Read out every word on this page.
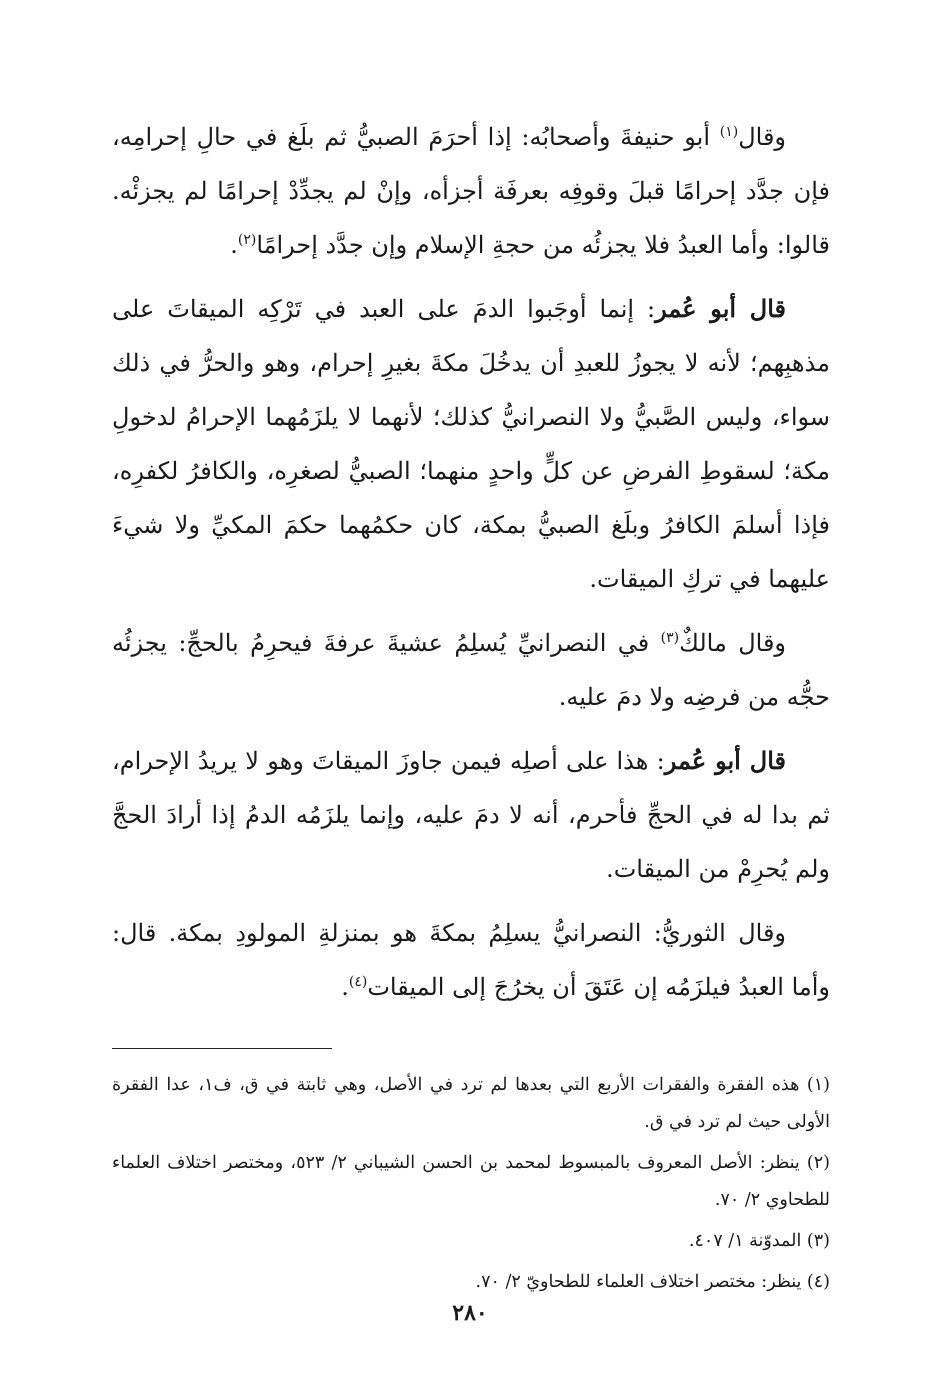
وقال$^{(١)}$ أبو حنيفةَ وأصحابُه: إذا أحرَمَ الصبيُّ ثم بلَغ في حالِ إحرامِه، فإن جدَّد إحرامًا قبلَ وقوفِه بعرفَة أجزأه، وإنْ لم يجدِّدْ إحرامًا لم يجزئْه. قالوا: وأما العبدُ فلا يجزئُه من حجةِ الإسلام وإن جدَّد إحرامًا$^{(٢)}$.

قال أبو عُمر: إنما أوجَبوا الدمَ على العبد في تَرْكِه الميقاتَ على مذهبِهم؛ لأنه لا يجوزُ للعبدِ أن يدخُلَ مكةَ بغيرِ إحرام، وهو والحرُّ في ذلك سواء، وليس الصَّبيُّ ولا النصرانيُّ كذلك؛ لأنهما لا يلزَمُهما الإحرامُ لدخولِ مكة؛ لسقوطِ الفرضِ عن كلٍّ واحدٍ منهما؛ الصبيُّ لصغرِه، والكافرُ لكفرِه، فإذا أسلمَ الكافرُ وبلَغ الصبيُّ بمكة، كان حكمُهما حكمَ المكيِّ ولا شيءَ عليهما في تركِ الميقات.

وقال مالكٌ$^{(٣)}$ في النصرانيِّ يُسلِمُ عشيةَ عرفةَ فيحرِمُ بالحجِّ: يجزئُه حجُّه من فرضِه ولا دمَ عليه.

قال أبو عُمر: هذا على أصلِه فيمن جاوزَ الميقاتَ وهو لا يريدُ الإحرام، ثم بدا له في الحجِّ فأحرم، أنه لا دمَ عليه، وإنما يلزَمُه الدمُ إذا أرادَ الحجَّ ولم يُحرِمْ من الميقات.

وقال الثوريُّ: النصرانيُّ يسلِمُ بمكةَ هو بمنزلةِ المولودِ بمكة. قال: وأما العبدُ فيلزَمُه إن عَتَقَ أن يخرُجَ إلى الميقات$^{(٤)}$.

(١) هذه الفقرة والفقرات الأربع التي بعدها لم ترد في الأصل، وهي ثابتة في ق، ف١، عدا الفقرة الأولى حيث لم ترد في ق.

(٢) ينظر: الأصل المعروف بالمبسوط لمحمد بن الحسن الشيباني ٢/ ٥٢٣، ومختصر اختلاف العلماء للطحاوي ٢/ ٧٠.

(٣) المدوّنة ١/ ٤٠٧.

(٤) ينظر: مختصر اختلاف العلماء للطحاويّ ٢/ ٧٠.

٢٨٠
